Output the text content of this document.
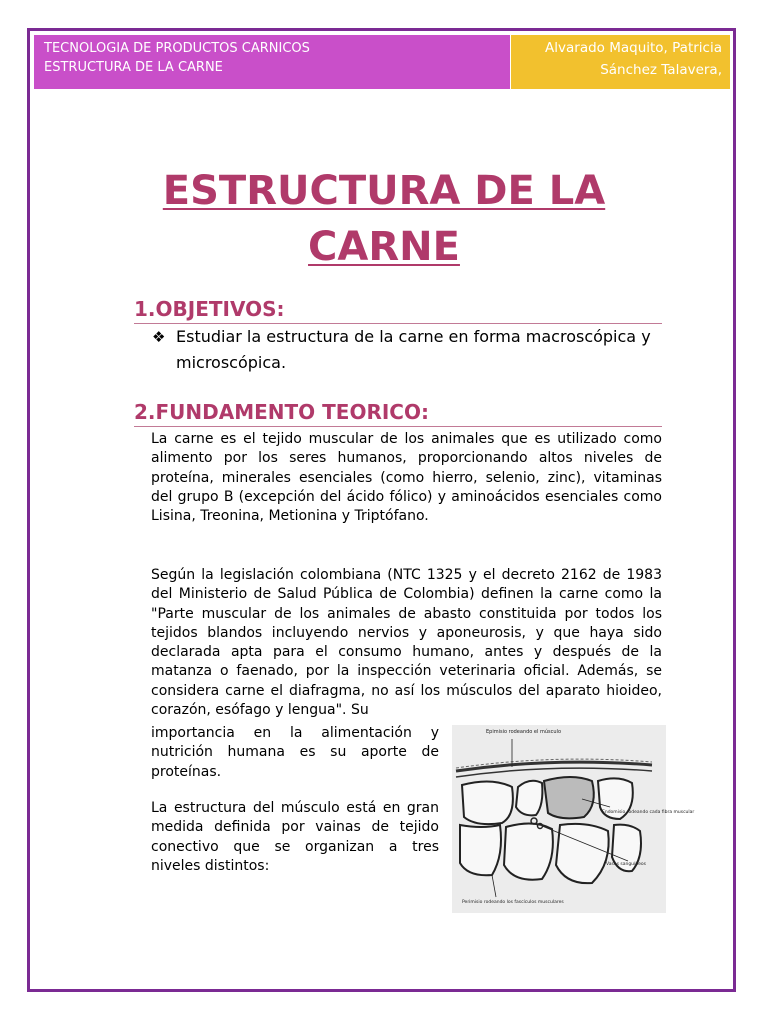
TECNOLOGIA DE PRODUCTOS CARNICOS
ESTRUCTURA DE LA CARNE
Alvarado Maquito, Patricia
Sánchez Talavera,
ESTRUCTURA DE LA
CARNE
1.OBJETIVOS:
❖ Estudiar la estructura de la carne en forma macroscópica y microscópica.
2.FUNDAMENTO TEORICO:

La carne es el tejido muscular de los animales que es utilizado como alimento por los seres humanos, proporcionando altos niveles de proteína, minerales esenciales (como hierro, selenio, zinc), vitaminas del grupo B (excepción del ácido fólico) y aminoácidos esenciales como Lisina, Treonina, Metionina y Triptófano.

Según la legislación colombiana (NTC 1325 y el decreto 2162 de 1983 del Ministerio de Salud Pública de Colombia) definen la carne como la "Parte muscular de los animales de abasto constituida por todos los tejidos blandos incluyendo nervios y aponeurosis, y que haya sido declarada apta para el consumo humano, antes y después de la matanza o faenado, por la inspección veterinaria oficial. Además, se considera carne el diafragma, no así los músculos del aparato hioideo, corazón, esófago y lengua". Su

importancia en la alimentación y nutrición humana es su aporte de proteínas.

La estructura del músculo está en gran medida definida por vainas de tejido conectivo que se organizan a tres niveles distintos:

Epimisio rodeando el músculo
Endomisio rodeando cada fibra muscular
Vasos sanguíneos
Perimisio rodeando los fascículos musculares
